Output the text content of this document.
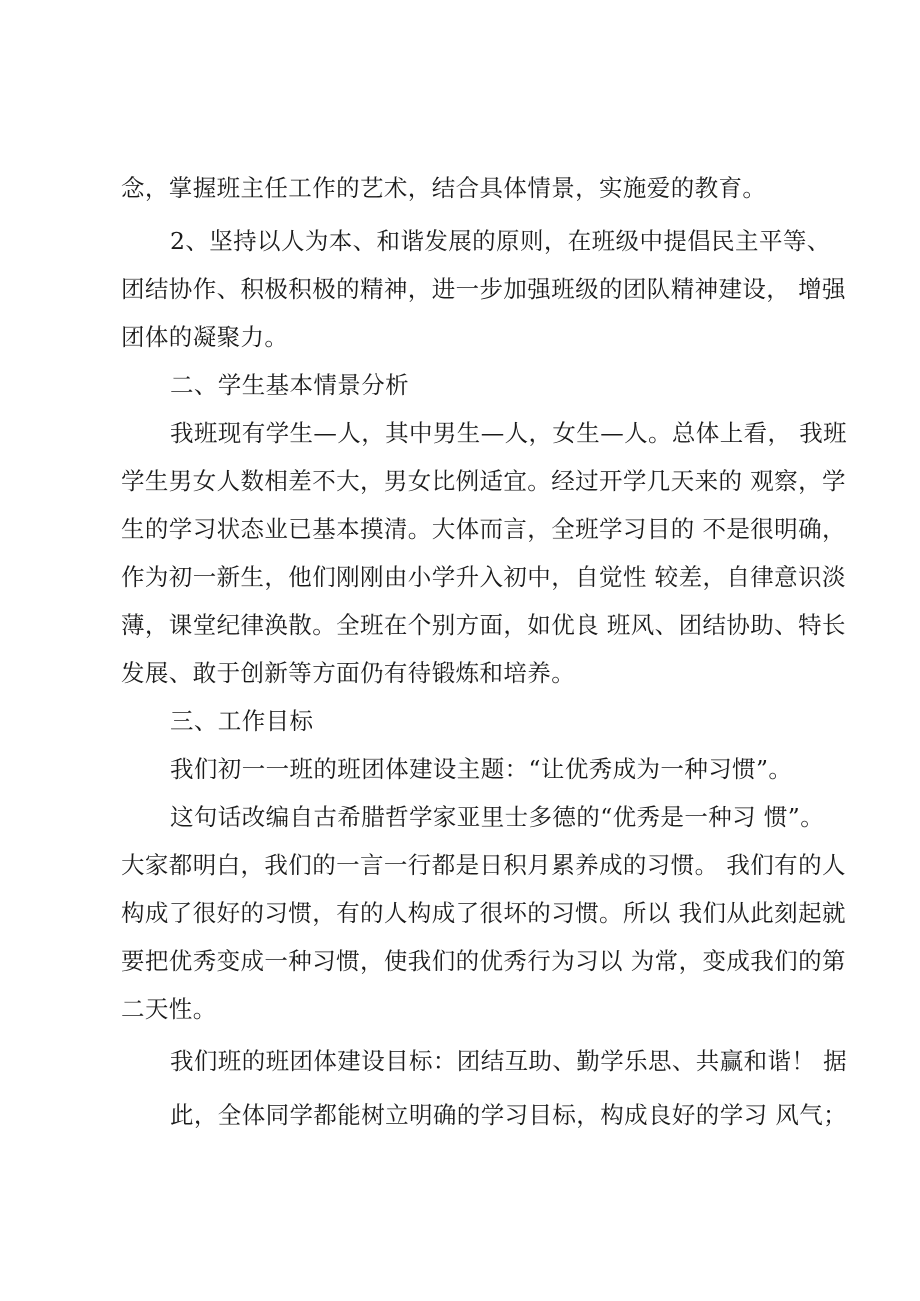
念，掌握班主任工作的艺术，结合具体情景，实施爱的教育。
2、坚持以人为本、和谐发展的原则，在班级中提倡民主平等、
团结协作、积极积极的精神，进一步加强班级的团队精神建设， 增强
团体的凝聚力。
二、学生基本情景分析
我班现有学生—人，其中男生—人，女生—人。总体上看， 我班
学生男女人数相差不大，男女比例适宜。经过开学几天来的 观察，学
生的学习状态业已基本摸清。大体而言，全班学习目的 不是很明确，
作为初一新生，他们刚刚由小学升入初中，自觉性 较差，自律意识淡
薄，课堂纪律涣散。全班在个别方面，如优良 班风、团结协助、特长
发展、敢于创新等方面仍有待锻炼和培养。
三、工作目标
我们初一一班的班团体建设主题：“让优秀成为一种习惯”。
这句话改编自古希腊哲学家亚里士多德的“优秀是一种习 惯”。
大家都明白，我们的一言一行都是日积月累养成的习惯。 我们有的人
构成了很好的习惯，有的人构成了很坏的习惯。所以 我们从此刻起就
要把优秀变成一种习惯，使我们的优秀行为习以 为常，变成我们的第
二天性。
我们班的班团体建设目标：团结互助、勤学乐思、共赢和谐！ 据
此，全体同学都能树立明确的学习目标，构成良好的学习 风气；
